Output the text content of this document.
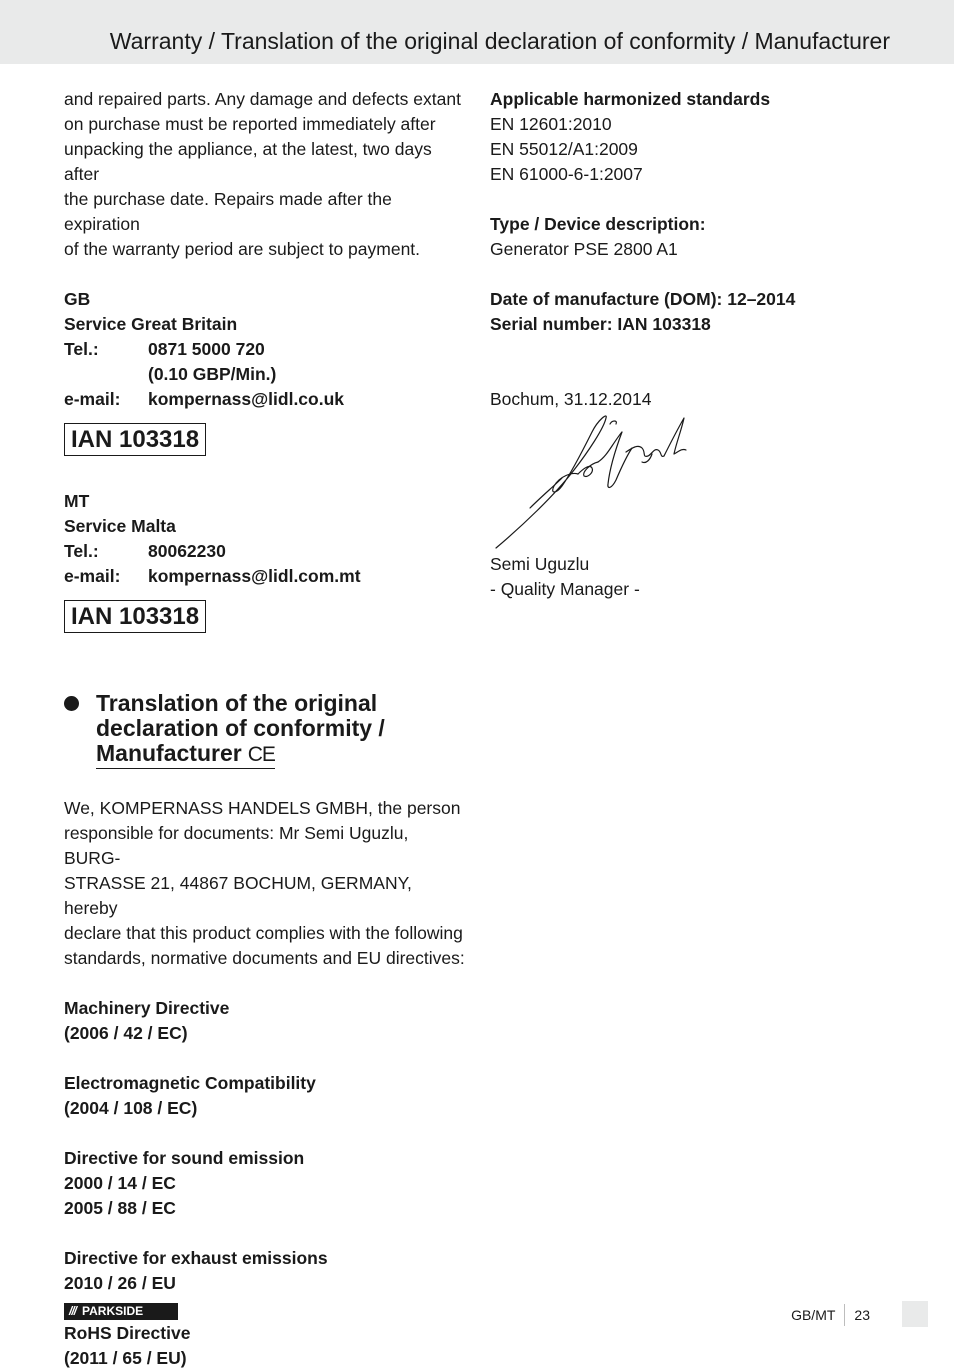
Warranty / Translation of the original declaration of conformity / Manufacturer

and repaired parts. Any damage and defects extant

on purchase must be reported immediately after

unpacking the appliance, at the latest, two days after

the purchase date. Repairs made after the expiration

of the warranty period are subject to payment.

GB

Service Great Britain

Tel.:	0871 5000 720
(0.10 GBP/Min.)
e-mail:	kompernass@lidl.co.uk
IAN 103318

MT

Service Malta

Tel.:	80062230
e-mail:	kompernass@lidl.com.mt
IAN 103318
Translation of the original
declaration of conformity /
Manufacturer CE

We, KOMPERNASS HANDELS GMBH, the person

responsible for documents: Mr Semi Uguzlu, BURG-

STRASSE 21, 44867 BOCHUM, GERMANY, hereby

declare that this product complies with the following

standards, normative documents and EU directives:

Machinery Directive

(2006 / 42 / EC)

Electromagnetic Compatibility

(2004 / 108 / EC)

Directive for sound emission

2000 / 14 / EC

2005 / 88 / EC

Directive for exhaust emissions

2010 / 26 / EU

RoHS Directive

(2011 / 65 / EU)

Applicable harmonized standards

EN 12601:2010

EN 55012/A1:2009

EN 61000-6-1:2007

Type / Device description:

Generator PSE 2800 A1

Date of manufacture (DOM): 12–2014

Serial number: IAN 103318

Bochum, 31.12.2014

Semi Uguzlu

- Quality Manager -

/// PARKSIDE	GB/MT 23
